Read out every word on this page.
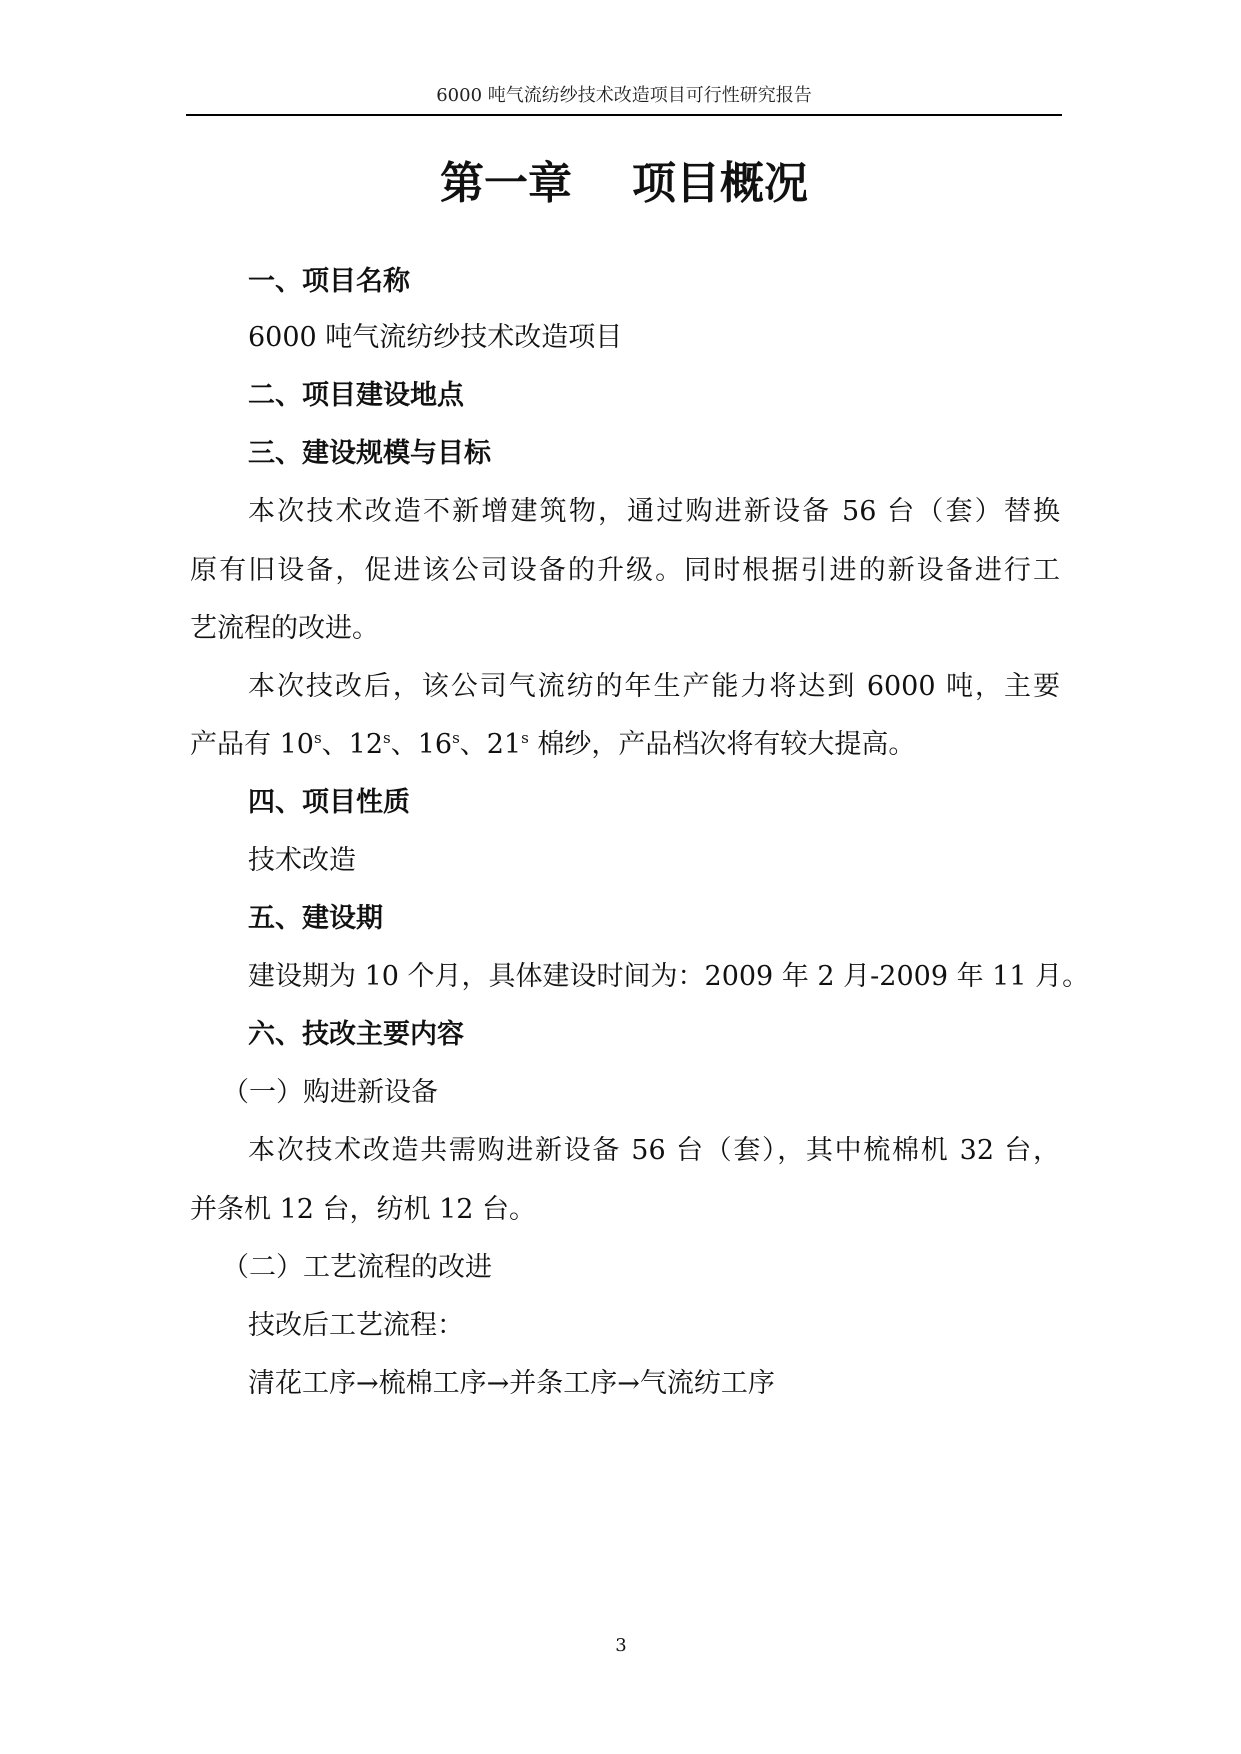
6000 吨气流纺纱技术改造项目可行性研究报告
第一章 项目概况
一、项目名称
6000 吨气流纺纱技术改造项目
二、项目建设地点
三、建设规模与目标
本次技术改造不新增建筑物，通过购进新设备 56 台（套）替换
原有旧设备，促进该公司设备的升级。同时根据引进的新设备进行工
艺流程的改进。
本次技改后，该公司气流纺的年生产能力将达到 6000 吨，主要
产品有 10$^s$、12$^s$、16$^s$、21$^s$ 棉纱，产品档次将有较大提高。
四、项目性质
技术改造
五、建设期
建设期为 10 个月，具体建设时间为：2009 年 2 月-2009 年 11 月。
六、技改主要内容
（一）购进新设备
本次技术改造共需购进新设备 56 台（套），其中梳棉机 32 台，
并条机 12 台，纺机 12 台。
（二）工艺流程的改进
技改后工艺流程：
清花工序→梳棉工序→并条工序→气流纺工序
3
